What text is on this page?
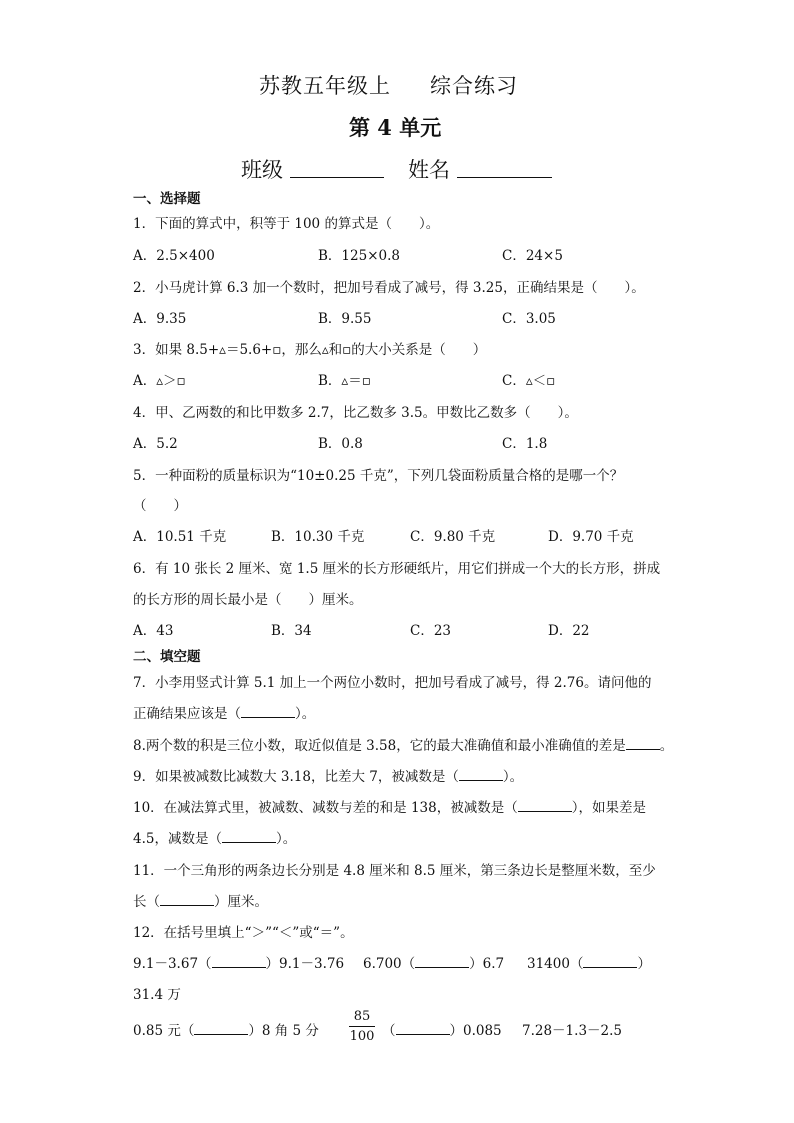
苏教五年级上 综合练习
第 4 单元
班级	姓名
一、选择题
1．下面的算式中，积等于 100 的算式是（　　）。
A．2.5×400	B．125×0.8	C．24×5
2．小马虎计算 6.3 加一个数时，把加号看成了减号，得 3.25，正确结果是（　　）。
A．9.35	B．9.55	C．3.05
3．如果 8.5+▵＝5.6+▫，那么▵和▫的大小关系是（　　）
A．▵＞▫	B．▵＝▫	C．▵＜▫
4．甲、乙两数的和比甲数多 2.7，比乙数多 3.5。甲数比乙数多（　　）。
A．5.2	B．0.8	C．1.8
5．一种面粉的质量标识为“10±0.25 千克”，下列几袋面粉质量合格的是哪一个？
（　　）
A．10.51 千克	B．10.30 千克	C．9.80 千克	D．9.70 千克
6．有 10 张长 2 厘米、宽 1.5 厘米的长方形硬纸片，用它们拼成一个大的长方形，拼成
的长方形的周长最小是（　　）厘米。
A．43	B．34	C．23	D．22
二、填空题
7．小李用竖式计算 5.1 加上一个两位小数时，把加号看成了减号，得 2.76。请问他的
正确结果应该是（	）。
8.两个数的积是三位小数，取近似值是 3.58，它的最大准确值和最小准确值的差是	。
9．如果被减数比减数大 3.18，比差大 7，被减数是（	）。
10．在减法算式里，被减数、减数与差的和是 138，被减数是（	），如果差是
4.5，减数是（	）。
11．一个三角形的两条边长分别是 4.8 厘米和 8.5 厘米，第三条边长是整厘米数，至少
长（	）厘米。
12．在括号里填上“＞”“＜”或“＝”。
9.1－3.67（	）9.1－3.76 6.700（	）6.7 31400（	）
31.4 万
0.85 元（	）8 角 5 分
85
100 （	）0.085 7.28－1.3－2.5
